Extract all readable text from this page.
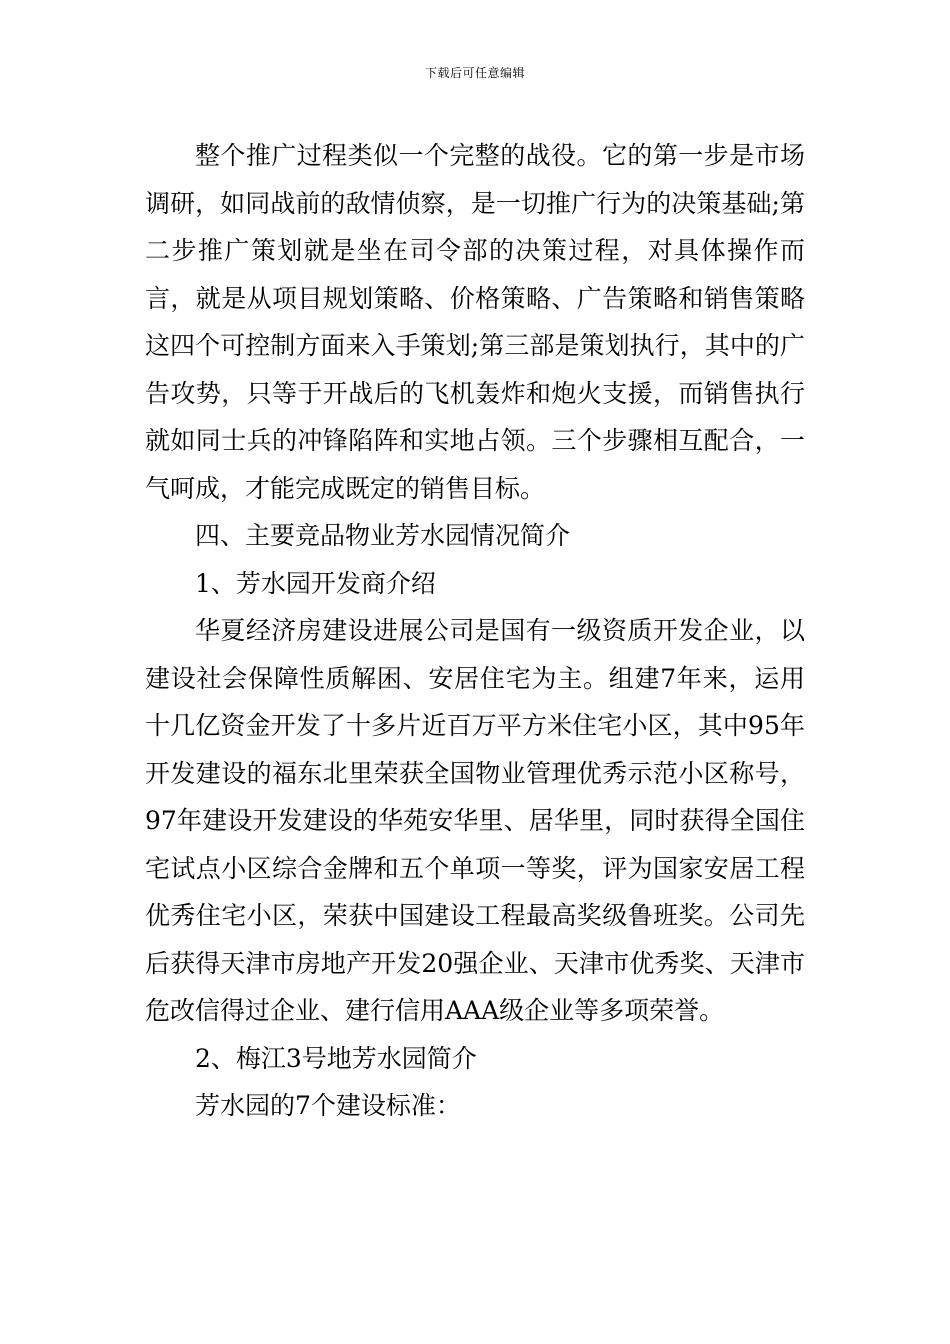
下载后可任意编辑

整个推广过程类似一个完整的战役。它的第一步是市场调研，如同战前的敌情侦察，是一切推广行为的决策基础;第二步推广策划就是坐在司令部的决策过程，对具体操作而言，就是从项目规划策略、价格策略、广告策略和销售策略这四个可控制方面来入手策划;第三部是策划执行，其中的广告攻势，只等于开战后的飞机轰炸和炮火支援，而销售执行就如同士兵的冲锋陷阵和实地占领。三个步骤相互配合，一气呵成，才能完成既定的销售目标。

四、主要竞品物业芳水园情况简介

1、芳水园开发商介绍

华夏经济房建设进展公司是国有一级资质开发企业，以建设社会保障性质解困、安居住宅为主。组建7年来，运用十几亿资金开发了十多片近百万平方米住宅小区，其中95年开发建设的福东北里荣获全国物业管理优秀示范小区称号，97年建设开发建设的华苑安华里、居华里，同时获得全国住宅试点小区综合金牌和五个单项一等奖，评为国家安居工程优秀住宅小区，荣获中国建设工程最高奖级鲁班奖。公司先后获得天津市房地产开发20强企业、天津市优秀奖、天津市危改信得过企业、建行信用AAA级企业等多项荣誉。

2、梅江3号地芳水园简介

芳水园的7个建设标准：
